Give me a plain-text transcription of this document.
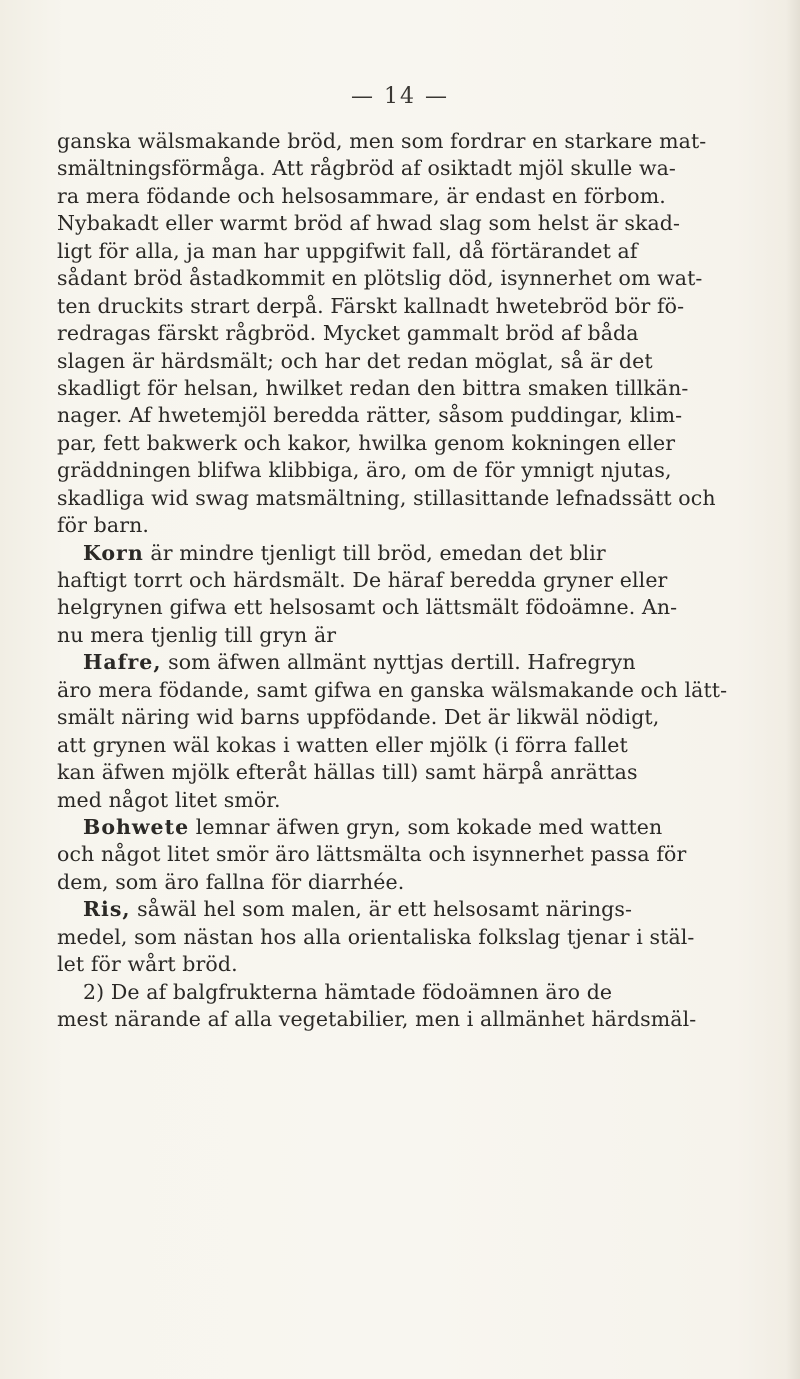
— 14 —
ganska wälsmakande bröd, men som fordrar en starkare mat-
smältningsförmåga. Att rågbröd af osiktadt mjöl skulle wa-
ra mera födande och helsosammare, är endast en förbom.
Nybakadt eller warmt bröd af hwad slag som helst är skad-
ligt för alla, ja man har uppgifwit fall, då förtärandet af
sådant bröd åstadkommit en plötslig död, isynnerhet om wat-
ten druckits strart derpå. Färskt kallnadt hwetebröd bör fö-
redragas färskt rågbröd. Mycket gammalt bröd af båda
slagen är härdsmält; och har det redan möglat, så är det
skadligt för helsan, hwilket redan den bittra smaken tillkän-
nager. Af hwetemjöl beredda rätter, såsom puddingar, klim-
par, fett bakwerk och kakor, hwilka genom kokningen eller
gräddningen blifwa klibbiga, äro, om de för ymnigt njutas,
skadliga wid swag matsmältning, stillasittande lefnadssätt och
för barn.
Korn är mindre tjenligt till bröd, emedan det blir
haftigt torrt och härdsmält. De häraf beredda gryner eller
helgrynen gifwa ett helsosamt och lättsmält födoämne. An-
nu mera tjenlig till gryn är
Hafre, som äfwen allmänt nyttjas dertill. Hafregryn
äro mera födande, samt gifwa en ganska wälsmakande och lätt-
smält näring wid barns uppfödande. Det är likwäl nödigt,
att grynen wäl kokas i watten eller mjölk (i förra fallet
kan äfwen mjölk efteråt hällas till) samt härpå anrättas
med något litet smör.
Bohwete lemnar äfwen gryn, som kokade med watten
och något litet smör äro lättsmälta och isynnerhet passa för
dem, som äro fallna för diarrhée.
Ris, såwäl hel som malen, är ett helsosamt närings-
medel, som nästan hos alla orientaliska folkslag tjenar i stäl-
let för wårt bröd.
2) De af balgfrukterna hämtade födoämnen äro de
mest närande af alla vegetabilier, men i allmänhet härdsmäl-
